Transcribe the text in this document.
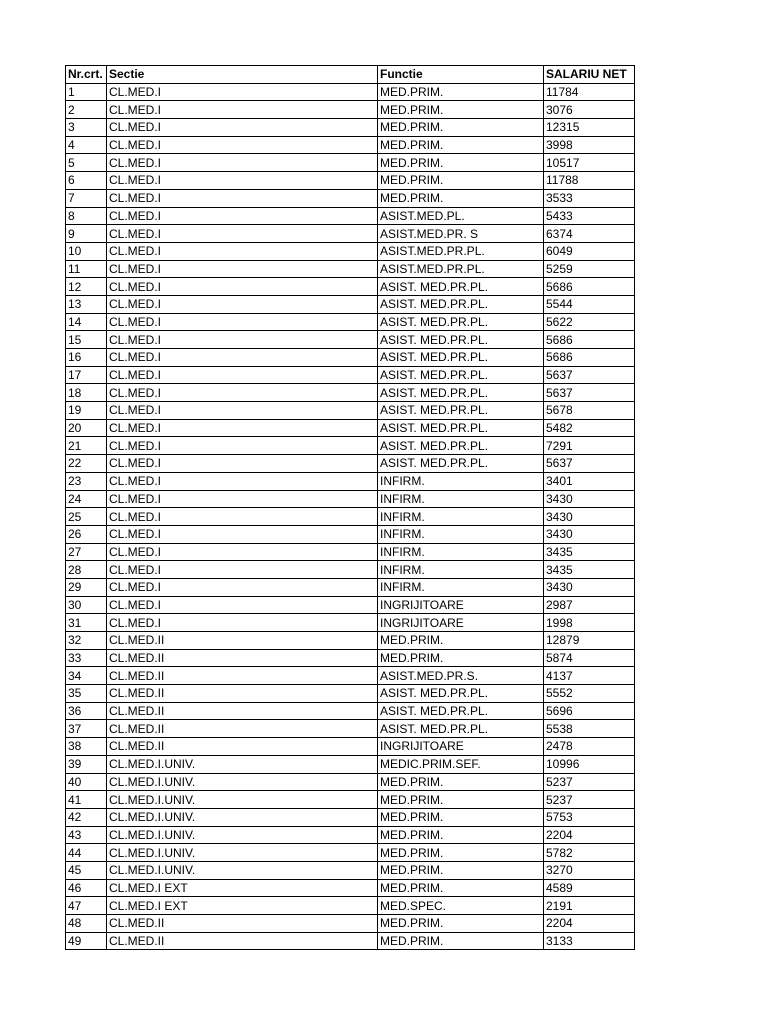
Nr.crt.	Sectie	Functie	SALARIU NET
1	CL.MED.I	MED.PRIM.	11784
2	CL.MED.I	MED.PRIM.	3076
3	CL.MED.I	MED.PRIM.	12315
4	CL.MED.I	MED.PRIM.	3998
5	CL.MED.I	MED.PRIM.	10517
6	CL.MED.I	MED.PRIM.	11788
7	CL.MED.I	MED.PRIM.	3533
8	CL.MED.I	ASIST.MED.PL.	5433
9	CL.MED.I	ASIST.MED.PR. S	6374
10	CL.MED.I	ASIST.MED.PR.PL.	6049
11	CL.MED.I	ASIST.MED.PR.PL.	5259
12	CL.MED.I	ASIST. MED.PR.PL.	5686
13	CL.MED.I	ASIST. MED.PR.PL.	5544
14	CL.MED.I	ASIST. MED.PR.PL.	5622
15	CL.MED.I	ASIST. MED.PR.PL.	5686
16	CL.MED.I	ASIST. MED.PR.PL.	5686
17	CL.MED.I	ASIST. MED.PR.PL.	5637
18	CL.MED.I	ASIST. MED.PR.PL.	5637
19	CL.MED.I	ASIST. MED.PR.PL.	5678
20	CL.MED.I	ASIST. MED.PR.PL.	5482
21	CL.MED.I	ASIST. MED.PR.PL.	7291
22	CL.MED.I	ASIST. MED.PR.PL.	5637
23	CL.MED.I	INFIRM.	3401
24	CL.MED.I	INFIRM.	3430
25	CL.MED.I	INFIRM.	3430
26	CL.MED.I	INFIRM.	3430
27	CL.MED.I	INFIRM.	3435
28	CL.MED.I	INFIRM.	3435
29	CL.MED.I	INFIRM.	3430
30	CL.MED.I	INGRIJITOARE	2987
31	CL.MED.I	INGRIJITOARE	1998
32	CL.MED.II	MED.PRIM.	12879
33	CL.MED.II	MED.PRIM.	5874
34	CL.MED.II	ASIST.MED.PR.S.	4137
35	CL.MED.II	ASIST. MED.PR.PL.	5552
36	CL.MED.II	ASIST. MED.PR.PL.	5696
37	CL.MED.II	ASIST. MED.PR.PL.	5538
38	CL.MED.II	INGRIJITOARE	2478
39	CL.MED.I.UNIV.	MEDIC.PRIM.SEF.	10996
40	CL.MED.I.UNIV.	MED.PRIM.	5237
41	CL.MED.I.UNIV.	MED.PRIM.	5237
42	CL.MED.I.UNIV.	MED.PRIM.	5753
43	CL.MED.I.UNIV.	MED.PRIM.	2204
44	CL.MED.I.UNIV.	MED.PRIM.	5782
45	CL.MED.I.UNIV.	MED.PRIM.	3270
46	CL.MED.I EXT	MED.PRIM.	4589
47	CL.MED.I EXT	MED.SPEC.	2191
48	CL.MED.II	MED.PRIM.	2204
49	CL.MED.II	MED.PRIM.	3133
